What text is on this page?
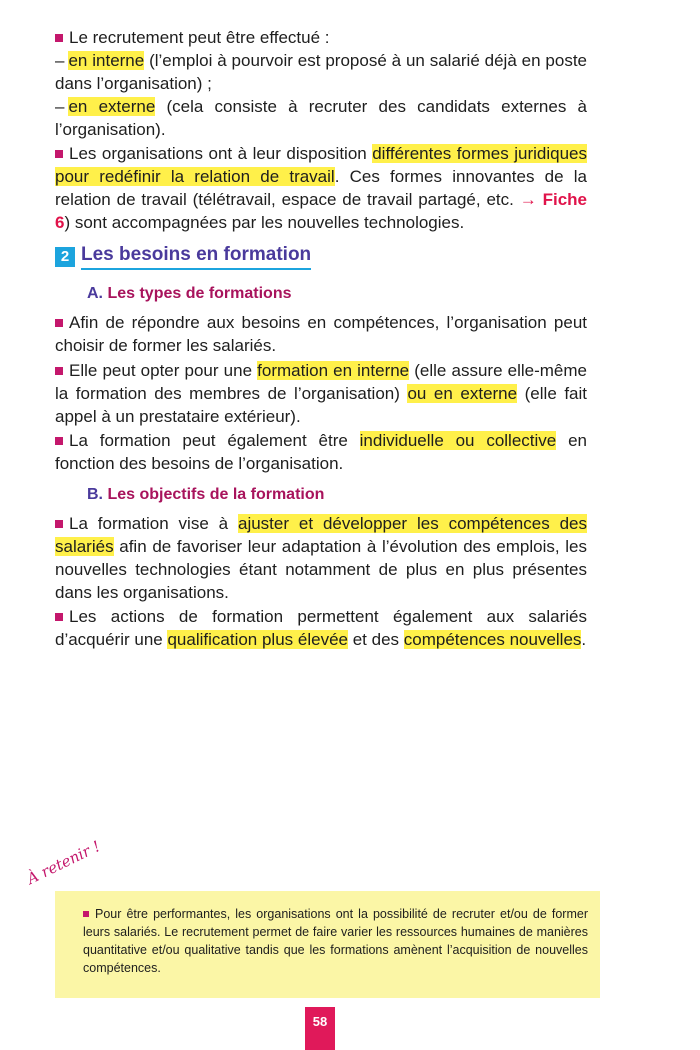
Le recrutement peut être effectué :

– en interne (l’emploi à pourvoir est proposé à un salarié déjà en poste dans l’organisation) ;

– en externe (cela consiste à recruter des candidats externes à l’organisation).

Les organisations ont à leur disposition différentes formes juridiques pour redéfinir la relation de travail. Ces formes innovantes de la relation de travail (télétravail, espace de travail partagé, etc. → Fiche 6) sont accompagnées par les nouvelles technologies.

2 Les besoins en formation
A. Les types de formations

Afin de répondre aux besoins en compétences, l’organisation peut choisir de former les salariés.

Elle peut opter pour une formation en interne (elle assure elle-même la formation des membres de l’organisation) ou en externe (elle fait appel à un prestataire extérieur).

La formation peut également être individuelle ou collective en fonction des besoins de l’organisation.

B. Les objectifs de la formation

La formation vise à ajuster et développer les compétences des salariés afin de favoriser leur adaptation à l’évolution des emplois, les nouvelles technologies étant notamment de plus en plus présentes dans les organisations.

Les actions de formation permettent également aux salariés d’acquérir une qualification plus élevée et des compétences nouvelles.

À retenir !
Pour être performantes, les organisations ont la possibilité de recruter et/ou de former leurs salariés. Le recrutement permet de faire varier les ressources humaines de manières quantitative et/ou qualitative tandis que les formations amènent l’acquisition de nouvelles compétences.
58
